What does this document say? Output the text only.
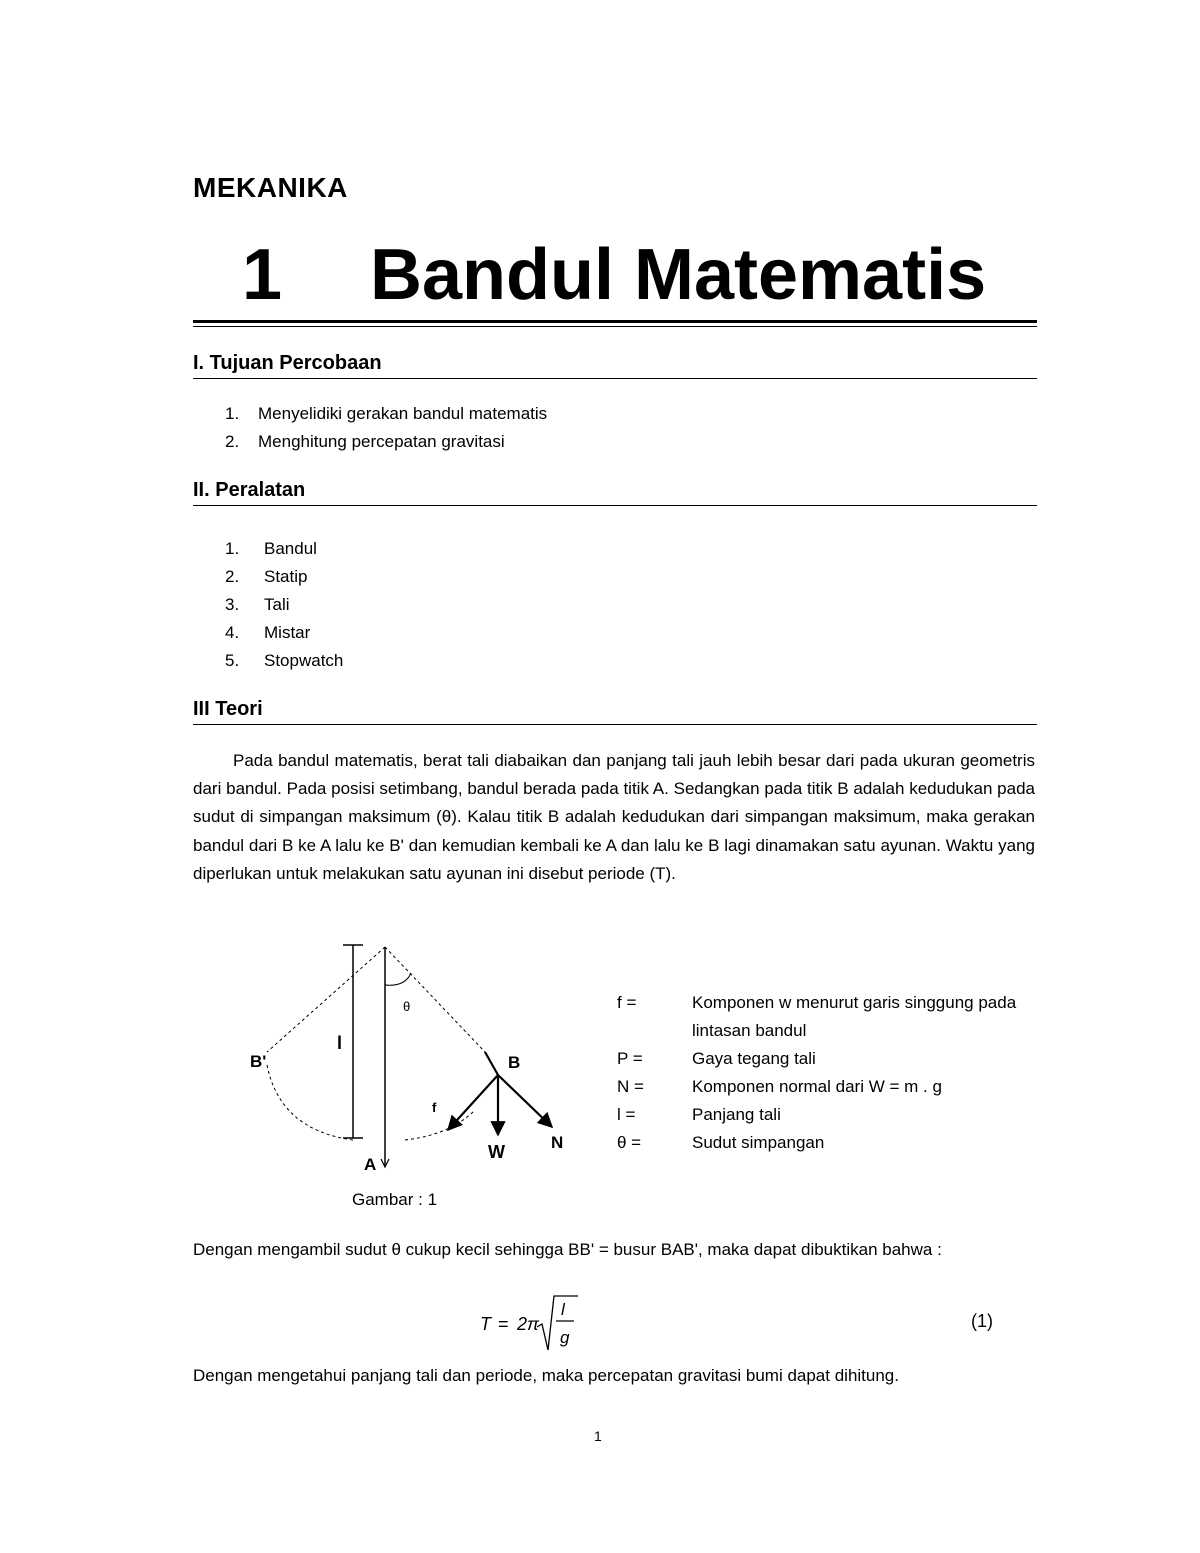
MEKANIKA
1 Bandul Matematis
I. Tujuan Percobaan
1. Menyelidiki gerakan bandul matematis
2. Menghitung percepatan gravitasi
II. Peralatan
1. Bandul
2. Statip
3. Tali
4. Mistar
5. Stopwatch
III Teori

Pada bandul matematis, berat tali diabaikan dan panjang tali jauh lebih besar dari pada ukuran geometris dari bandul. Pada posisi setimbang, bandul berada pada titik A. Sedangkan pada titik B adalah kedudukan pada sudut di simpangan maksimum (θ). Kalau titik B adalah kedudukan dari simpangan maksimum, maka gerakan bandul dari B ke A lalu ke B' dan kemudian kembali ke A dan lalu ke B lagi dinamakan satu ayunan. Waktu yang diperlukan untuk melakukan satu ayunan ini disebut periode (T).

B'
l
θ
B
f
W	N
A
f =	Komponen w menurut garis singgung pada lintasan bandul
P =	Gaya tegang tali
N =	Komponen normal dari W = m . g
l =	Panjang tali
θ =	Sudut simpangan
Gambar : 1

Dengan mengambil sudut θ cukup kecil sehingga BB' = busur BAB', maka dapat dibuktikan bahwa :

T = 2π
l
g
(1)

Dengan mengetahui panjang tali dan periode, maka percepatan gravitasi bumi dapat dihitung.

1
